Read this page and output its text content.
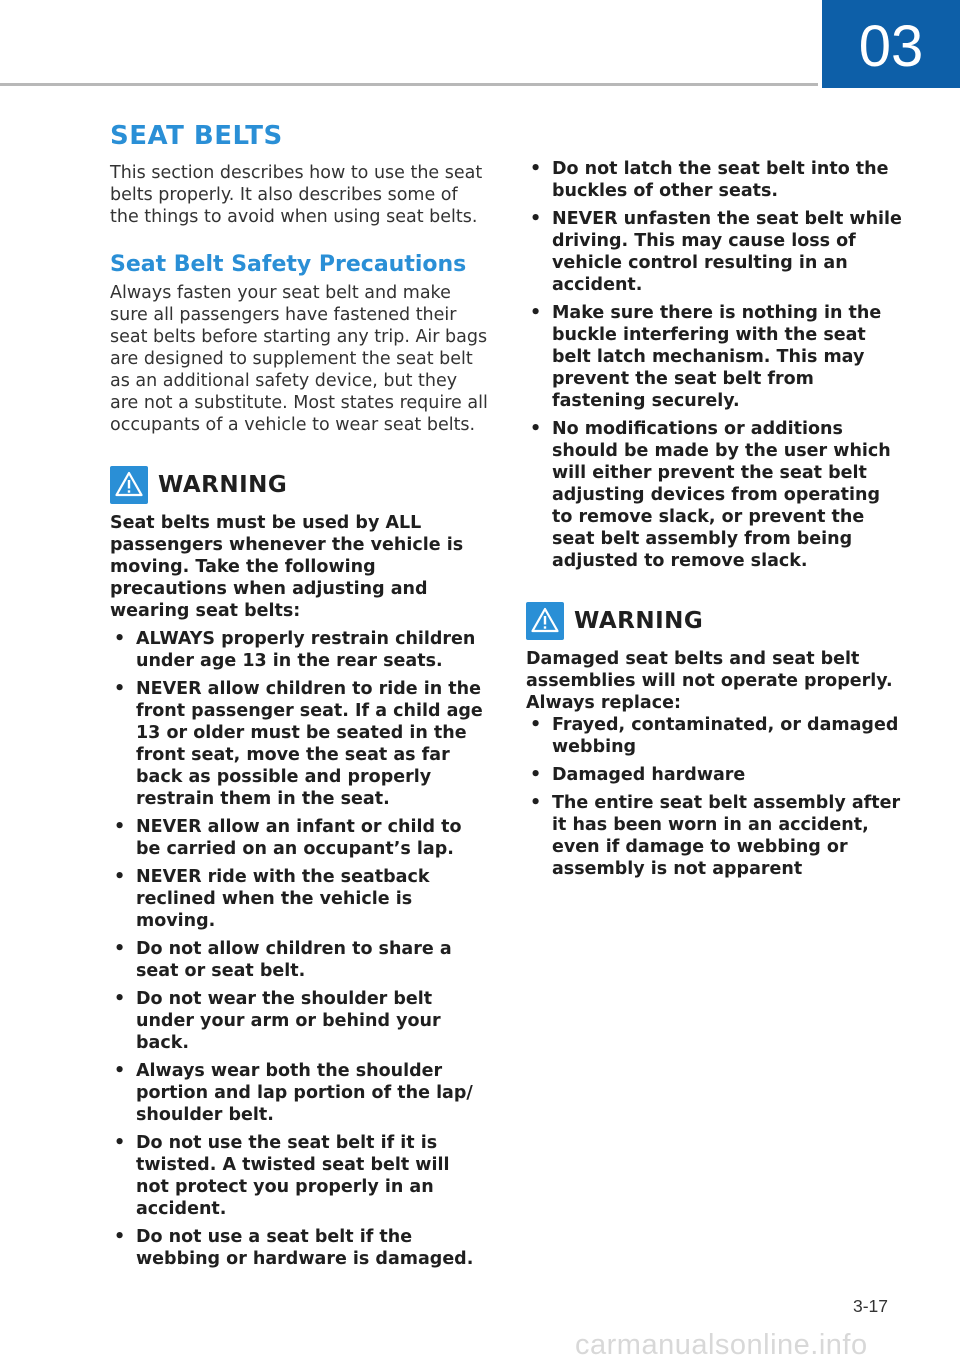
03
SEAT BELTS

This section describes how to use the seat belts properly. It also describes some of the things to avoid when using seat belts.

Seat Belt Safety Precautions

Always fasten your seat belt and make sure all passengers have fastened their seat belts before starting any trip. Air bags are designed to supplement the seat belt as an additional safety device, but they are not a substitute. Most states require all occupants of a vehicle to wear seat belts.

WARNING

Seat belts must be used by ALL passengers whenever the vehicle is moving. Take the following precautions when adjusting and wearing seat belts:

• ALWAYS properly restrain children under age 13 in the rear seats.
• NEVER allow children to ride in the front passenger seat. If a child age 13 or older must be seated in the front seat, move the seat as far back as possible and properly restrain them in the seat.
• NEVER allow an infant or child to be carried on an occupant’s lap.
• NEVER ride with the seatback reclined when the vehicle is moving.
• Do not allow children to share a seat or seat belt.
• Do not wear the shoulder belt under your arm or behind your back.
• Always wear both the shoulder portion and lap portion of the lap/ shoulder belt.
• Do not use the seat belt if it is twisted. A twisted seat belt will not protect you properly in an accident.
• Do not use a seat belt if the webbing or hardware is damaged.
• Do not latch the seat belt into the buckles of other seats.
• NEVER unfasten the seat belt while driving. This may cause loss of vehicle control resulting in an accident.
• Make sure there is nothing in the buckle interfering with the seat belt latch mechanism. This may prevent the seat belt from fastening securely.
• No modifications or additions should be made by the user which will either prevent the seat belt adjusting devices from operating to remove slack, or prevent the seat belt assembly from being adjusted to remove slack.
WARNING

Damaged seat belts and seat belt assemblies will not operate properly. Always replace:

• Frayed, contaminated, or damaged webbing
• Damaged hardware
• The entire seat belt assembly after it has been worn in an accident, even if damage to webbing or assembly is not apparent
3-17
carmanualsonline.info
